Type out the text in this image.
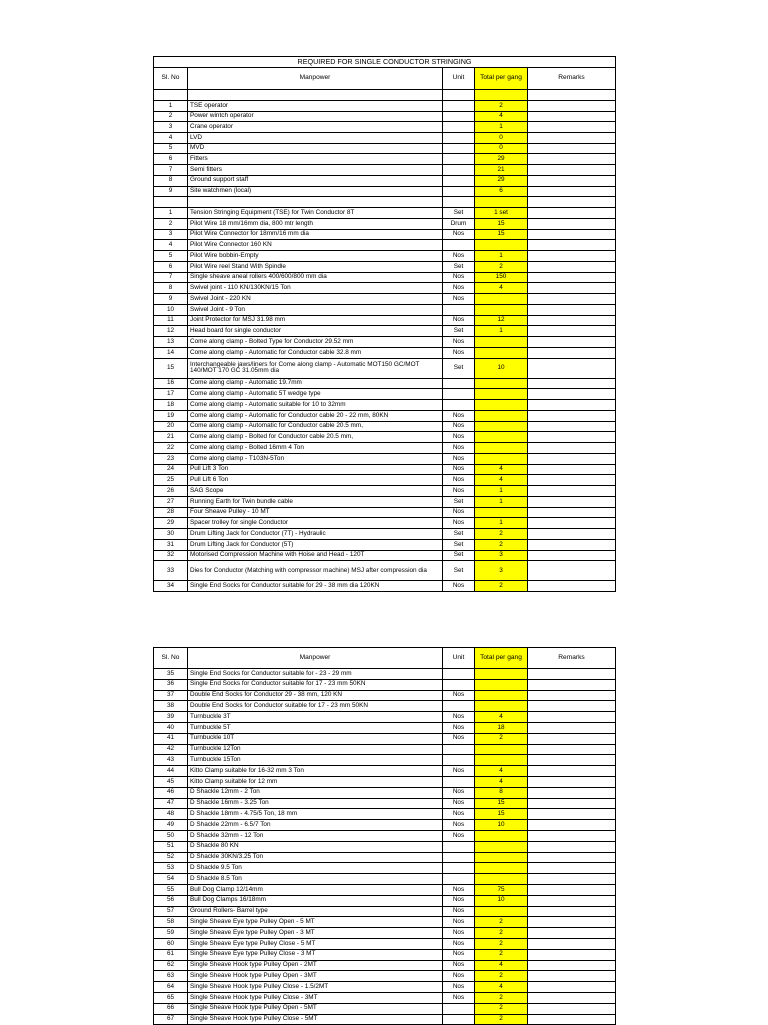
REQUIRED FOR SINGLE CONDUCTOR STRINGING				
Sl. No	Manpower	Unit	Total per gang	Remarks

1	TSE operator		2	
2	Power wintch operator		4	
3	Crane operator		1	
4	LVD		0	
5	MVD		0	
6	Fitters		29	
7	Semi fitters		21	
8	Ground support staff		29	
9	Site watchmen (local)		6	

1	Tension Stringing Equipment (TSE) for Twin Conductor 8T	Set	1 set	
2	Pilot Wire 18 mm/16mm dia, 800 mtr length	Drum	15	
3	Pilot Wire Connector for 18mm/16 mm dia	Nos	15	
4	Pilot Wire Connector 160 KN			
5	Pilot Wire bobbin-Empty	Nos	1	
6	Pilot Wire reel Stand With Spindle	Set	2	
7	Single sheave aneal rollers 400/600/800 mm dia	Nos	150	
8	Swivel joint - 110 KN/130KN/15 Ton	Nos	4	
9	Swivel Joint - 220 KN	Nos		
10	Swivel Joint - 9 Ton			
11	Joint Protector for MSJ 31.98 mm	Nos	12	
12	Head board for single conductor	Set	1	
13	Come along clamp - Bolted Type for Conductor 29.52 mm	Nos		
14	Come along clamp - Automatic for Conductor cable 32.8 mm	Nos		
15	Interchangeable jaws/liners for Come along clamp - Automatic MOT150 GC/MOT 140/MOT 170 GC 31.05mm dia	Set	10	
16	Come along clamp - Automatic 19.7mm			
17	Come along clamp - Automatic 5T wedge type			
18	Come along clamp - Automatic suitable for 10 to 32mm			
19	Come along clamp - Automatic for Conductor cable 20 - 22 mm, 80KN	Nos		
20	Come along clamp - Automatic for Conductor cable 20.5 mm,	Nos		
21	Come along clamp - Bolted for Conductor cable 20.5 mm,	Nos		
22	Come along clamp - Bolted 16mm 4 Ton	Nos		
23	Come along clamp - T103N-5Ton	Nos		
24	Pull Lift 3 Ton	Nos	4	
25	Pull Lift 6 Ton	Nos	4	
26	SAG Scope	Nos	1	
27	Running Earth for Twin bundle cable	Set	1	
28	Four Sheave Pulley - 10 MT	Nos		
29	Spacer trolley for single Conductor	Nos	1	
30	Drum Lifting Jack for Conductor (7T) - Hydraulic	Set	2	
31	Drum Lifting Jack for Conductor (5T)	Set	2	
32	Motorised Compression Machine with Hoise and Head - 120T	Set	3	
33	Dies for Conductor (Matching with compressor machine) MSJ after compression dia	Set	3	
34	Single End Socks for Conductor suitable for 29 - 38 mm dia 120KN	Nos	2	
Sl. No	Manpower	Unit	Total per gang	Remarks
35	Single End Socks for Conductor suitable for - 23 - 29 mm			
36	Single End Socks for Conductor suitable for 17 - 23 mm 50KN			
37	Double End Socks for Conductor 29 - 38 mm, 120 KN	Nos		
38	Double End Socks for Conductor suitable for 17 - 23 mm 50KN			
39	Turnbuckle 3T	Nos	4	
40	Turnbuckle 5T	Nos	18	
41	Turnbuckle 10T	Nos	2	
42	Turnbuckle 12Ton			
43	Turnbuckle 15Ton			
44	Kitto Clamp suitable for 16-32 mm 3 Ton	Nos	4	
45	Kitto Clamp suitable for 12 mm		4	
46	D Shackle 12mm - 2 Ton	Nos	8	
47	D Shackle 16mm - 3.25 Ton	Nos	15	
48	D Shackle 18mm - 4.75/5 Ton, 18 mm	Nos	15	
49	D Shackle 22mm - 6.5/7 Ton	Nos	10	
50	D Shackle 32mm - 12 Ton	Nos		
51	D Shackle 80 KN			
52	D Shackle 30KN/3.25 Ton			
53	D Shackle 9.5 Ton			
54	D Shackle 8.5 Ton			
55	Bull Dog Clamp 12/14mm	Nos	75	
56	Bull Dog Clamps 16/18mm	Nos	10	
57	Ground Rollers- Barrel type	Nos		
58	Single Sheave Eye type Pulley Open - 5 MT	Nos	2	
59	Single Sheave Eye type Pulley Open - 3 MT	Nos	2	
60	Single Sheave Eye type Pulley Close - 5 MT	Nos	2	
61	Single Sheave Eye type Pulley Close - 3 MT	Nos	2	
62	Single Sheave Hook type Pulley Open - 2MT	Nos	4	
63	Single Sheave Hook type Pulley Open - 3MT	Nos	2	
64	Single Sheave Hook type Pulley Close - 1.5/2MT	Nos	4	
65	Single Sheave Hook type Pulley Close - 3MT	Nos	2	
66	Single Sheave Hook type Pulley Open - 5MT		2	
67	Single Sheave Hook type Pulley Close - 5MT		2	
